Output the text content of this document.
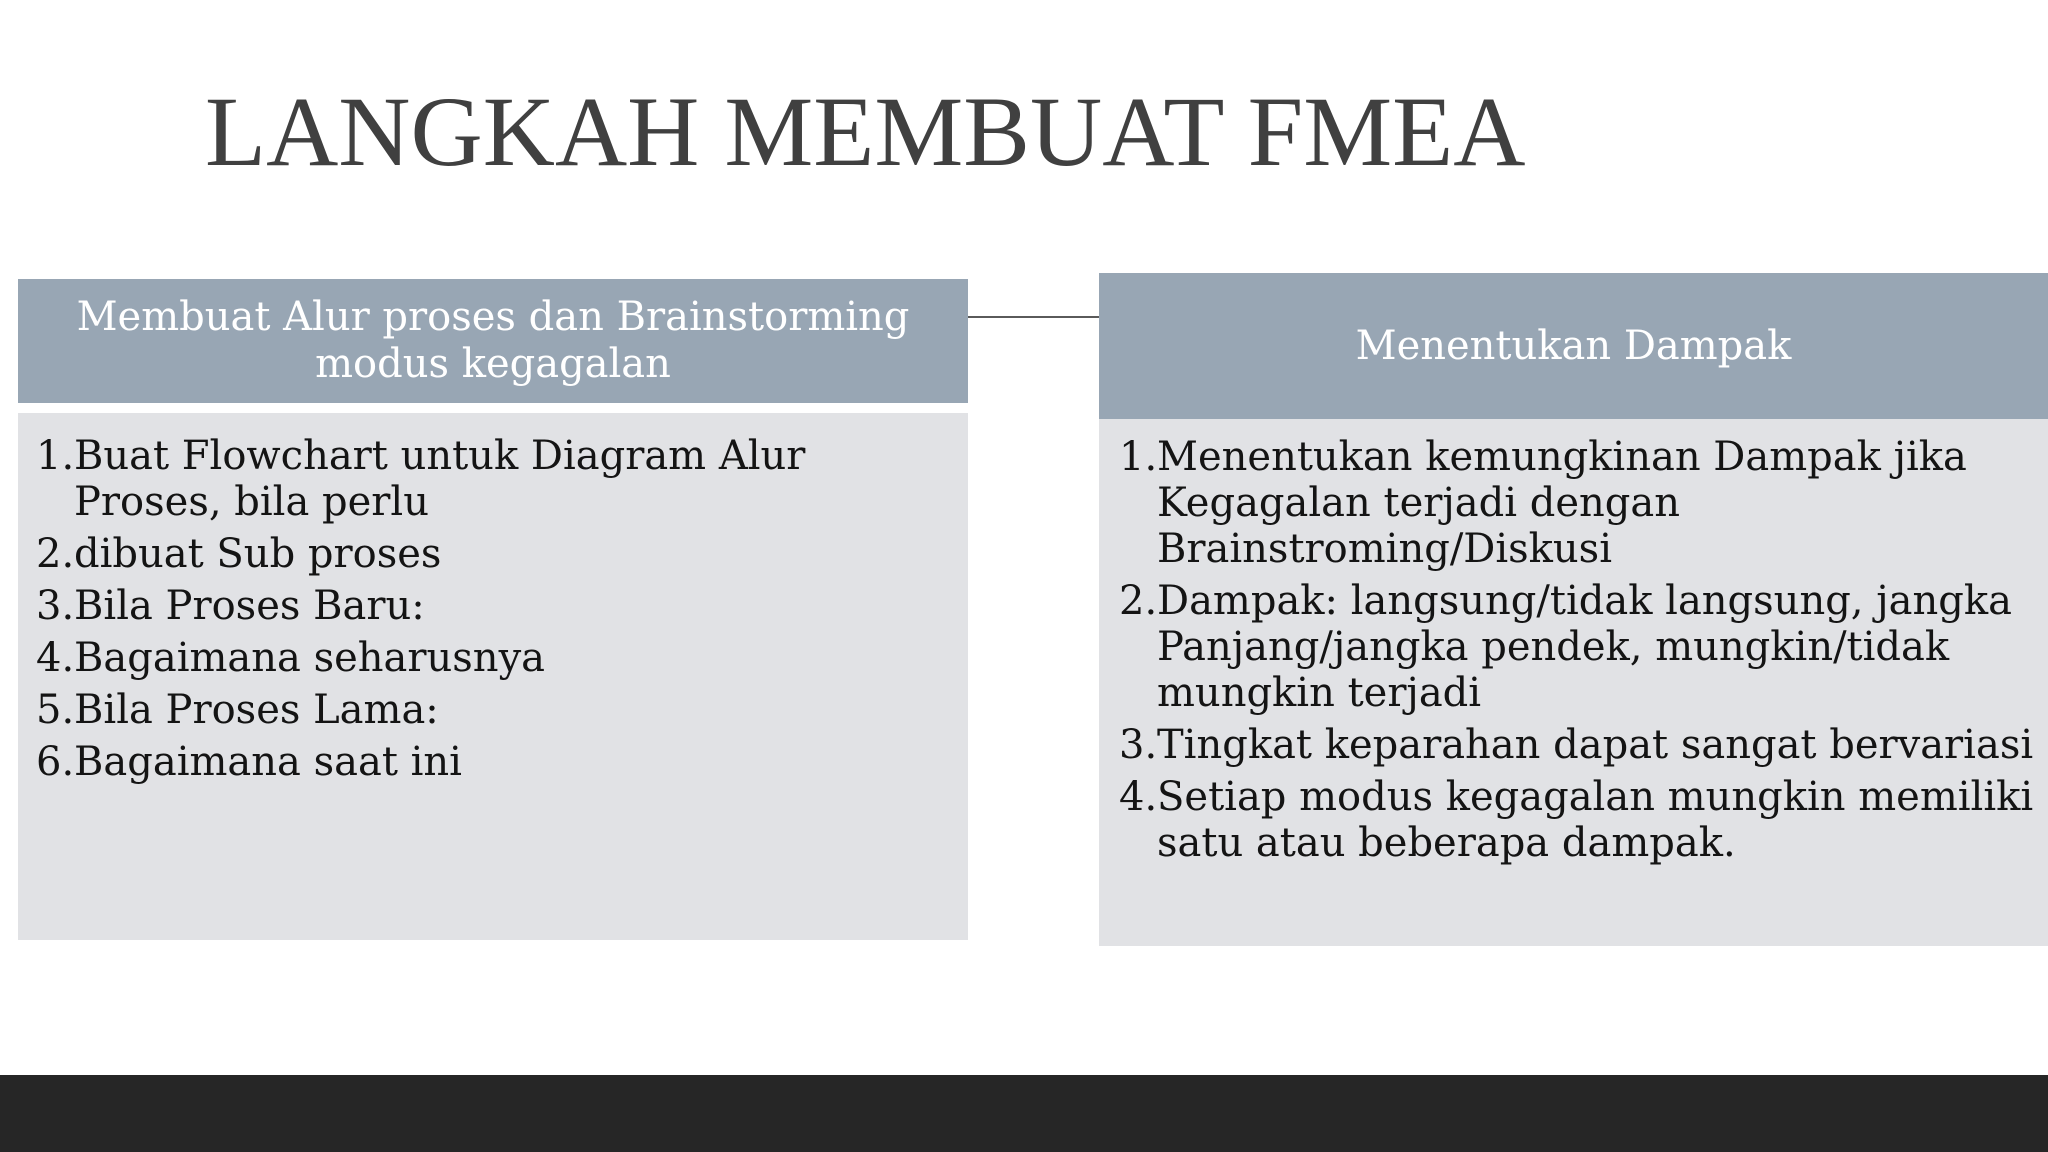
LANGKAH MEMBUAT FMEA
Membuat Alur proses dan Brainstorming modus kegagalan	Menentukan Dampak
1. Buat Flowchart untuk Diagram Alur Proses, bila perlu
2. dibuat Sub proses
3. Bila Proses Baru:
4. Bagaimana seharusnya
5. Bila Proses Lama:
6. Bagaimana saat ini
1. Menentukan kemungkinan Dampak jika Kegagalan terjadi dengan Brainstroming/Diskusi
2. Dampak: langsung/tidak langsung, jangka Panjang/jangka pendek, mungkin/tidak mungkin terjadi
3. Tingkat keparahan dapat sangat bervariasi
4. Setiap modus kegagalan mungkin memiliki satu atau beberapa dampak.
